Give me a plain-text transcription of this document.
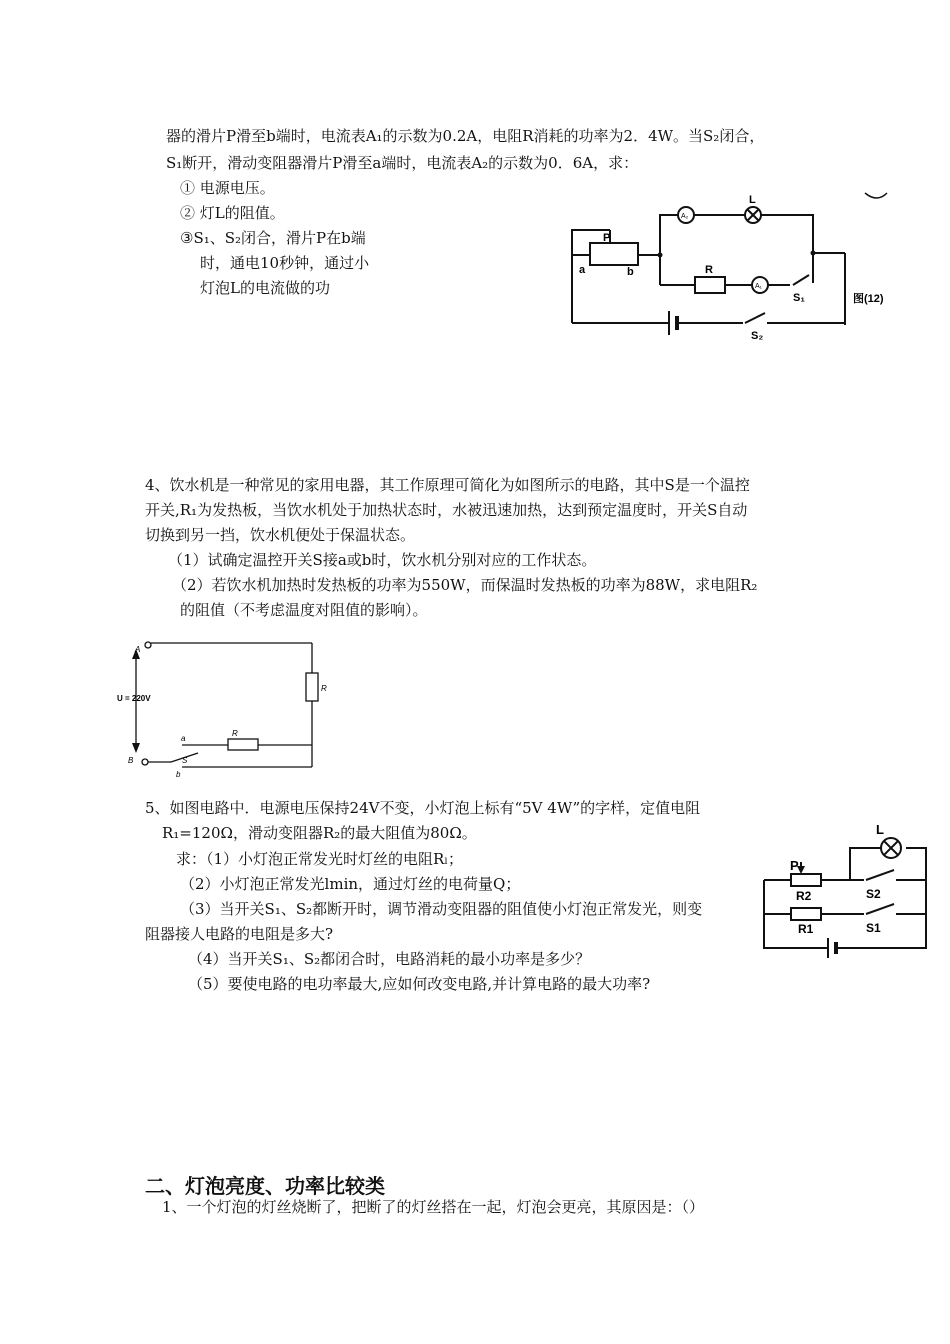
器的滑片P滑至b端时，电流表A₁的示数为0.2A，电阻R消耗的功率为2．4W。当S₂闭合，
S₁断开，滑动变阻器滑片P滑至a端时，电流表A₂的示数为0．6A，求：
① 电源电压。
② 灯L的阻值。
③S₁、S₂闭合，滑片P在b端
时，通电10秒钟，通过小
灯泡L的电流做的功
P
a	b
L
A₂
R
A₁
S₁
S₂
图(12)
4、饮水机是一种常见的家用电器，其工作原理可简化为如图所示的电路，其中S是一个温控
开关,R₁为发热板，当饮水机处于加热状态时，水被迅速加热，达到预定温度时，开关S自动
切换到另一挡，饮水机便处于保温状态。
（1）试确定温控开关S接a或b时，饮水机分别对应的工作状态。
（2）若饮水机加热时发热板的功率为550W，而保温时发热板的功率为88W，求电阻R₂
的阻值（不考虑温度对阻值的影响）。
A
B
U = 220V
a
b
R
R
S
5、如图电路中．电源电压保持24V不变，小灯泡上标有“5V 4W”的字样，定值电阻
R₁=120Ω，滑动变阻器R₂的最大阻值为80Ω。
求：（1）小灯泡正常发光时灯丝的电阻Rₗ；
（2）小灯泡正常发光lmin，通过灯丝的电荷量Q；
（3）当开关S₁、S₂都断开时，调节滑动变阻器的阻值使小灯泡正常发光，则变
阻器接人电路的电阻是多大?
（4）当开关S₁、S₂都闭合时，电路消耗的最小功率是多少？
（5）要使电路的电功率最大,应如何改变电路,并计算电路的最大功率?
L
P
R2
R1
S2
S1
二、灯泡亮度、功率比较类
1、一个灯泡的灯丝烧断了，把断了的灯丝搭在一起，灯泡会更亮，其原因是：（）
